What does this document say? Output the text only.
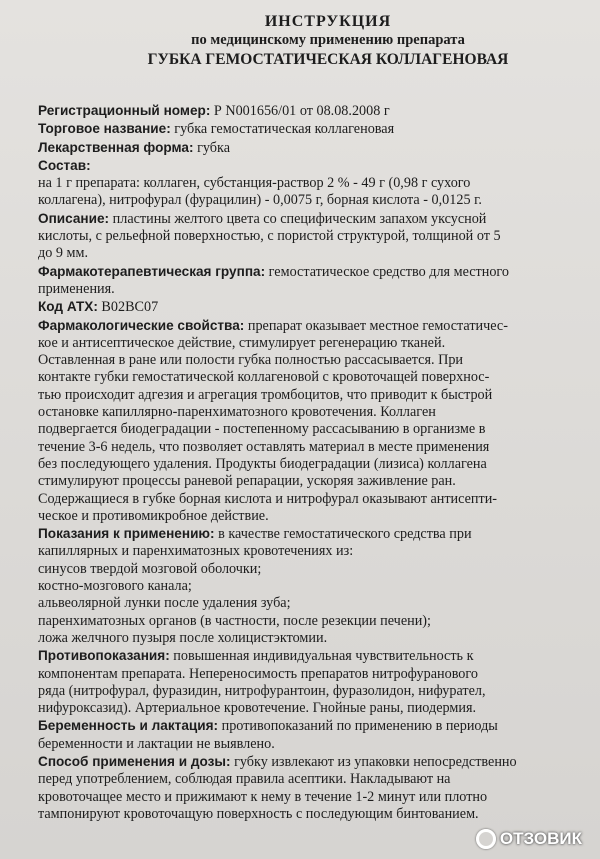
ИНСТРУКЦИЯ
по медицинскому применению препарата
ГУБКА ГЕМОСТАТИЧЕСКАЯ КОЛЛАГЕНОВАЯ
Регистрационный номер: Р N001656/01 от 08.08.2008 г
Торговое название: губка гемостатическая коллагеновая
Лекарственная форма: губка
Состав:
на 1 г препарата: коллаген, субстанция-раствор 2 % - 49 г (0,98 г сухого
коллагена), нитрофурал (фурацилин) - 0,0075 г, борная кислота - 0,0125 г.
Описание: пластины желтого цвета со специфическим запахом уксусной
кислоты, с рельефной поверхностью, с пористой структурой, толщиной от 5
до 9 мм.
Фармакотерапевтическая группа: гемостатическое средство для местного
применения.
Код АТХ: В02ВС07
Фармакологические свойства: препарат оказывает местное гемостатичес-
кое и антисептическое действие, стимулирует регенерацию тканей.
Оставленная в ране или полости губка полностью рассасывается. При
контакте губки гемостатической коллагеновой с кровоточащей поверхнос-
тью происходит адгезия и агрегация тромбоцитов, что приводит к быстрой
остановке капиллярно-паренхиматозного кровотечения. Коллаген
подвергается биодеградации - постепенному рассасыванию в организме в
течение 3-6 недель, что позволяет оставлять материал в месте применения
без последующего удаления. Продукты биодеградации (лизиса) коллагена
стимулируют процессы раневой репарации, ускоряя заживление ран.
Содержащиеся в губке борная кислота и нитрофурал оказывают антисепти-
ческое и противомикробное действие.
Показания к применению: в качестве гемостатического средства при
капиллярных и паренхиматозных кровотечениях из:
синусов твердой мозговой оболочки;
костно-мозгового канала;
альвеолярной лунки после удаления зуба;
паренхиматозных органов (в частности, после резекции печени);
ложа желчного пузыря после холицистэктомии.
Противопоказания: повышенная индивидуальная чувствительность к
компонентам препарата. Непереносимость препаратов нитрофуранового
ряда (нитрофурал, фуразидин, нитрофурантоин, фуразолидон, нифурател,
нифуроксазид). Артериальное кровотечение. Гнойные раны, пиодермия.
Беременность и лактация: противопоказаний по применению в периоды
беременности и лактации не выявлено.
Способ применения и дозы: губку извлекают из упаковки непосредственно
перед употреблением, соблюдая правила асептики. Накладывают на
кровоточащее место и прижимают к нему в течение 1-2 минут или плотно
тампонируют кровоточащую поверхность с последующим бинтованием.
ОТЗОВИК
